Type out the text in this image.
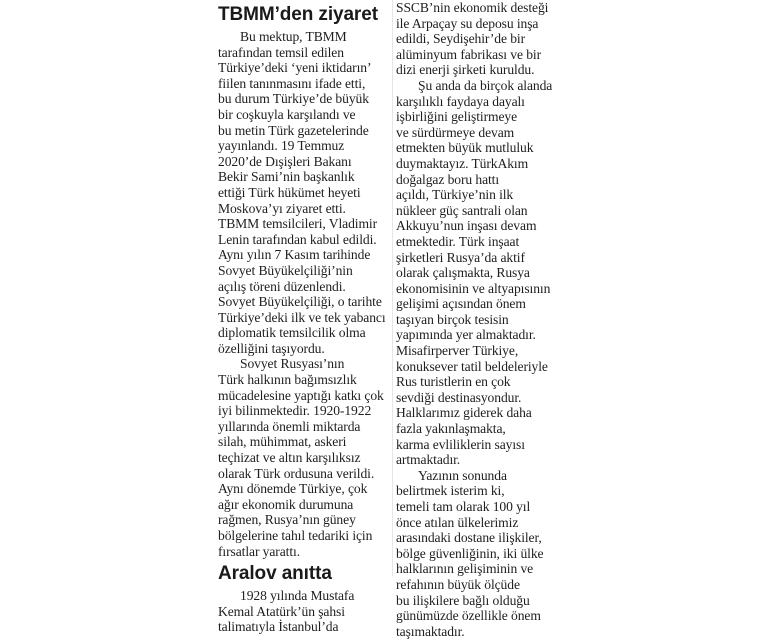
TBMM’den ziyaret
Bu mektup, TBMM
tarafından temsil edilen
Türkiye’deki ‘yeni iktidarın’
fiilen tanınmasını ifade etti,
bu durum Türkiye’de büyük
bir coşkuyla karşılandı ve
bu metin Türk gazetelerinde
yayınlandı. 19 Temmuz
2020’de Dışişleri Bakanı
Bekir Sami’nin başkanlık
ettiği Türk hükümet heyeti
Moskova’yı ziyaret etti.
TBMM temsilcileri, Vladimir
Lenin tarafından kabul edildi.
Aynı yılın 7 Kasım tarihinde
Sovyet Büyükelçiliği’nin
açılış töreni düzenlendi.
Sovyet Büyükelçiliği, o tarihte
Türkiye’deki ilk ve tek yabancı
diplomatik temsilcilik olma
özelliğini taşıyordu.
Sovyet Rusyası’nın
Türk halkının bağımsızlık
mücadelesine yaptığı katkı çok
iyi bilinmektedir. 1920-1922
yıllarında önemli miktarda
silah, mühimmat, askeri
teçhizat ve altın karşılıksız
olarak Türk ordusuna verildi.
Aynı dönemde Türkiye, çok
ağır ekonomik durumuna
rağmen, Rusya’nın güney
bölgelerine tahıl tedariki için
fırsatlar yarattı.
Aralov anıtta
1928 yılında Mustafa
Kemal Atatürk’ün şahsi
talimatıyla İstanbul’da
SSCB’nin ekonomik desteği
ile Arpaçay su deposu inşa
edildi, Seydişehir’de bir
alüminyum fabrikası ve bir
dizi enerji şirketi kuruldu.
Şu anda da birçok alanda
karşılıklı faydaya dayalı
işbirliğini geliştirmeye
ve sürdürmeye devam
etmekten büyük mutluluk
duymaktayız. TürkAkım
doğalgaz boru hattı
açıldı, Türkiye’nin ilk
nükleer güç santrali olan
Akkuyu’nun inşası devam
etmektedir. Türk inşaat
şirketleri Rusya’da aktif
olarak çalışmakta, Rusya
ekonomisinin ve altyapısının
gelişimi açısından önem
taşıyan birçok tesisin
yapımında yer almaktadır.
Misafirperver Türkiye,
konuksever tatil beldeleriyle
Rus turistlerin en çok
sevdiği destinasyondur.
Halklarımız giderek daha
fazla yakınlaşmakta,
karma evliliklerin sayısı
artmaktadır.
Yazının sonunda
belirtmek isterim ki,
temeli tam olarak 100 yıl
önce atılan ülkelerimiz
arasındaki dostane ilişkiler,
bölge güvenliğinin, iki ülke
halklarının gelişiminin ve
refahının büyük ölçüde
bu ilişkilere bağlı olduğu
günümüzde özellikle önem
taşımaktadır.
